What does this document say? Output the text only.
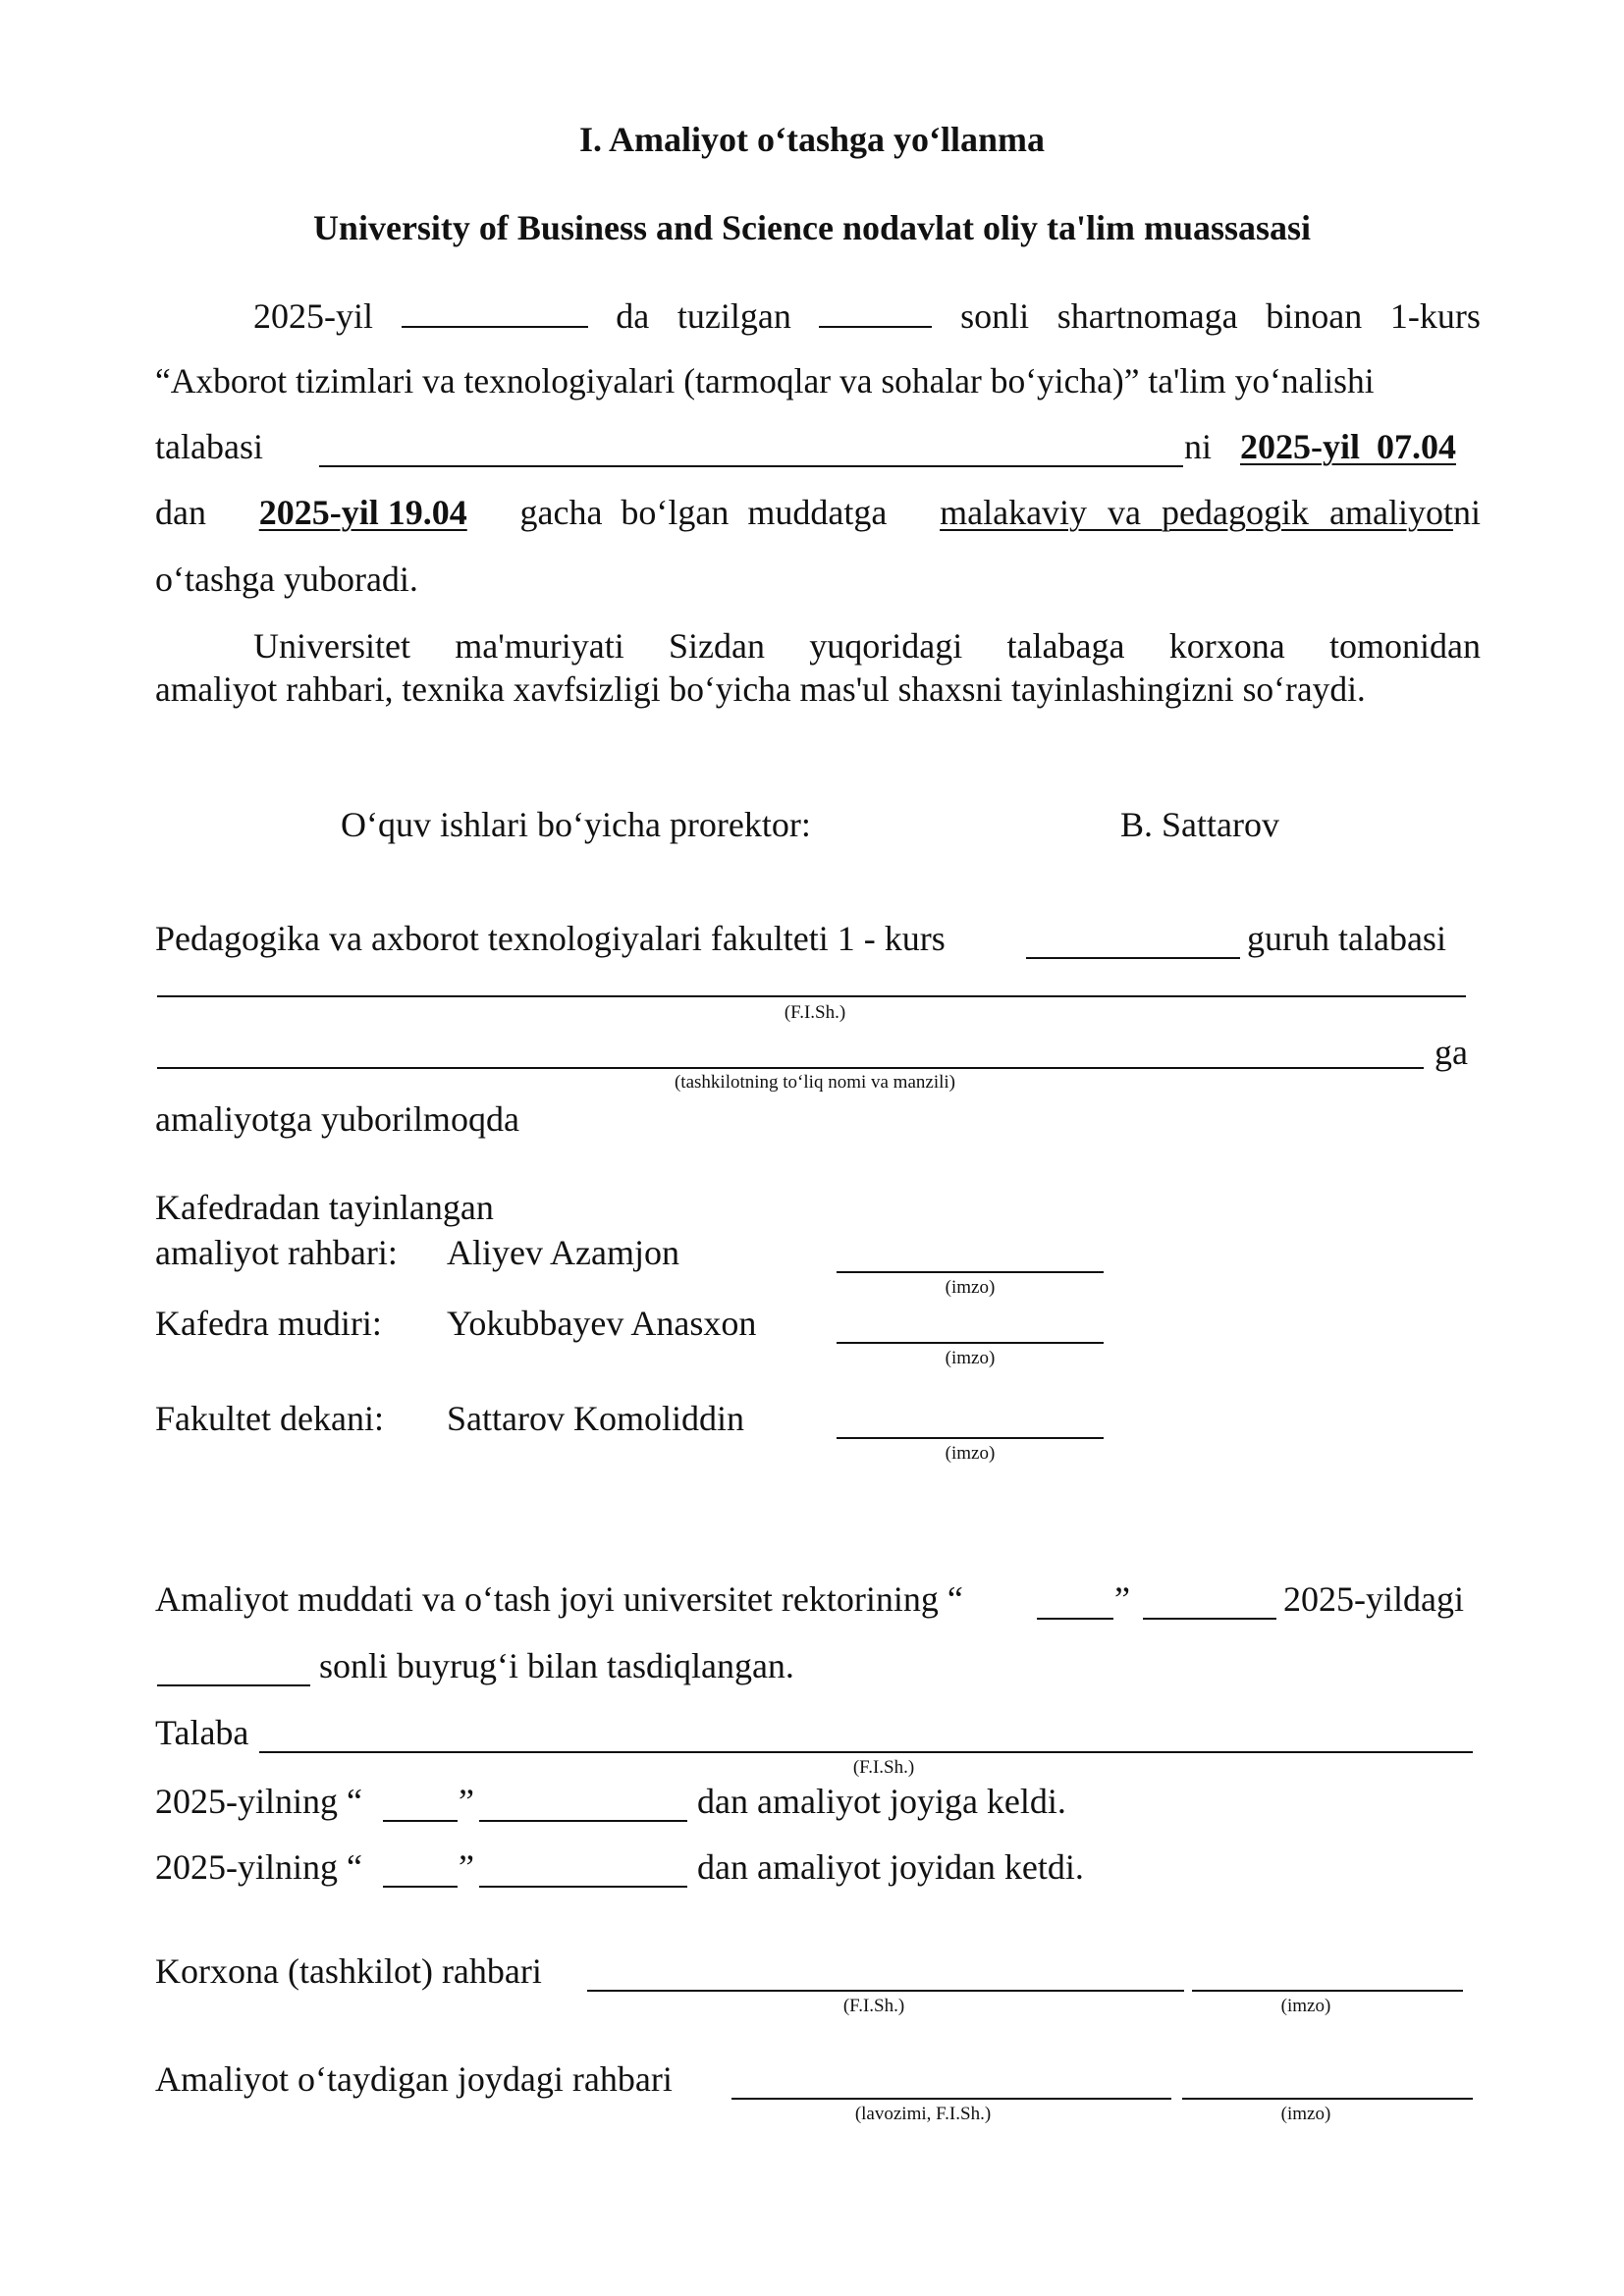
I. Amaliyot o‘tashga yo‘llanma
University of Business and Science nodavlat oliy ta'lim muassasasi
2025-yil	da tuzilgan	sonli shartnomaga binoan 1-kurs
“Axborot tizimlari va texnologiyalari (tarmoqlar va sohalar bo‘yicha)” ta'lim yo‘nalishi
talabasi	ni 2025-yil 07.04
dan 2025-yil 19.04 gacha bo‘lgan muddatga malakaviy va pedagogik amaliyotni
o‘tashga yuboradi.
Universitet ma'muriyati Sizdan yuqoridagi talabaga korxona tomonidan
amaliyot rahbari, texnika xavfsizligi bo‘yicha mas'ul shaxsni tayinlashingizni so‘raydi.
O‘quv ishlari bo‘yicha prorektor:	B. Sattarov
Pedagogika va axborot texnologiyalari fakulteti 1 - kurs	guruh talabasi
(F.I.Sh.)
ga
(tashkilotning to‘liq nomi va manzili)
amaliyotga yuborilmoqda
Kafedradan tayinlangan
amaliyot rahbari: Aliyev Azamjon
(imzo)
Kafedra mudiri: Yokubbayev Anasxon
(imzo)
Fakultet dekani: Sattarov Komoliddin
(imzo)
Amaliyot muddati va o‘tash joyi universitet rektorining “	”	2025-yildagi
sonli buyrug‘i bilan tasdiqlangan.
Talaba
(F.I.Sh.)
2025-yilning “	”	dan amaliyot joyiga keldi.
2025-yilning “	”	dan amaliyot joyidan ketdi.
Korxona (tashkilot) rahbari
(F.I.Sh.)	(imzo)
Amaliyot o‘taydigan joydagi rahbari
(lavozimi, F.I.Sh.)	(imzo)
